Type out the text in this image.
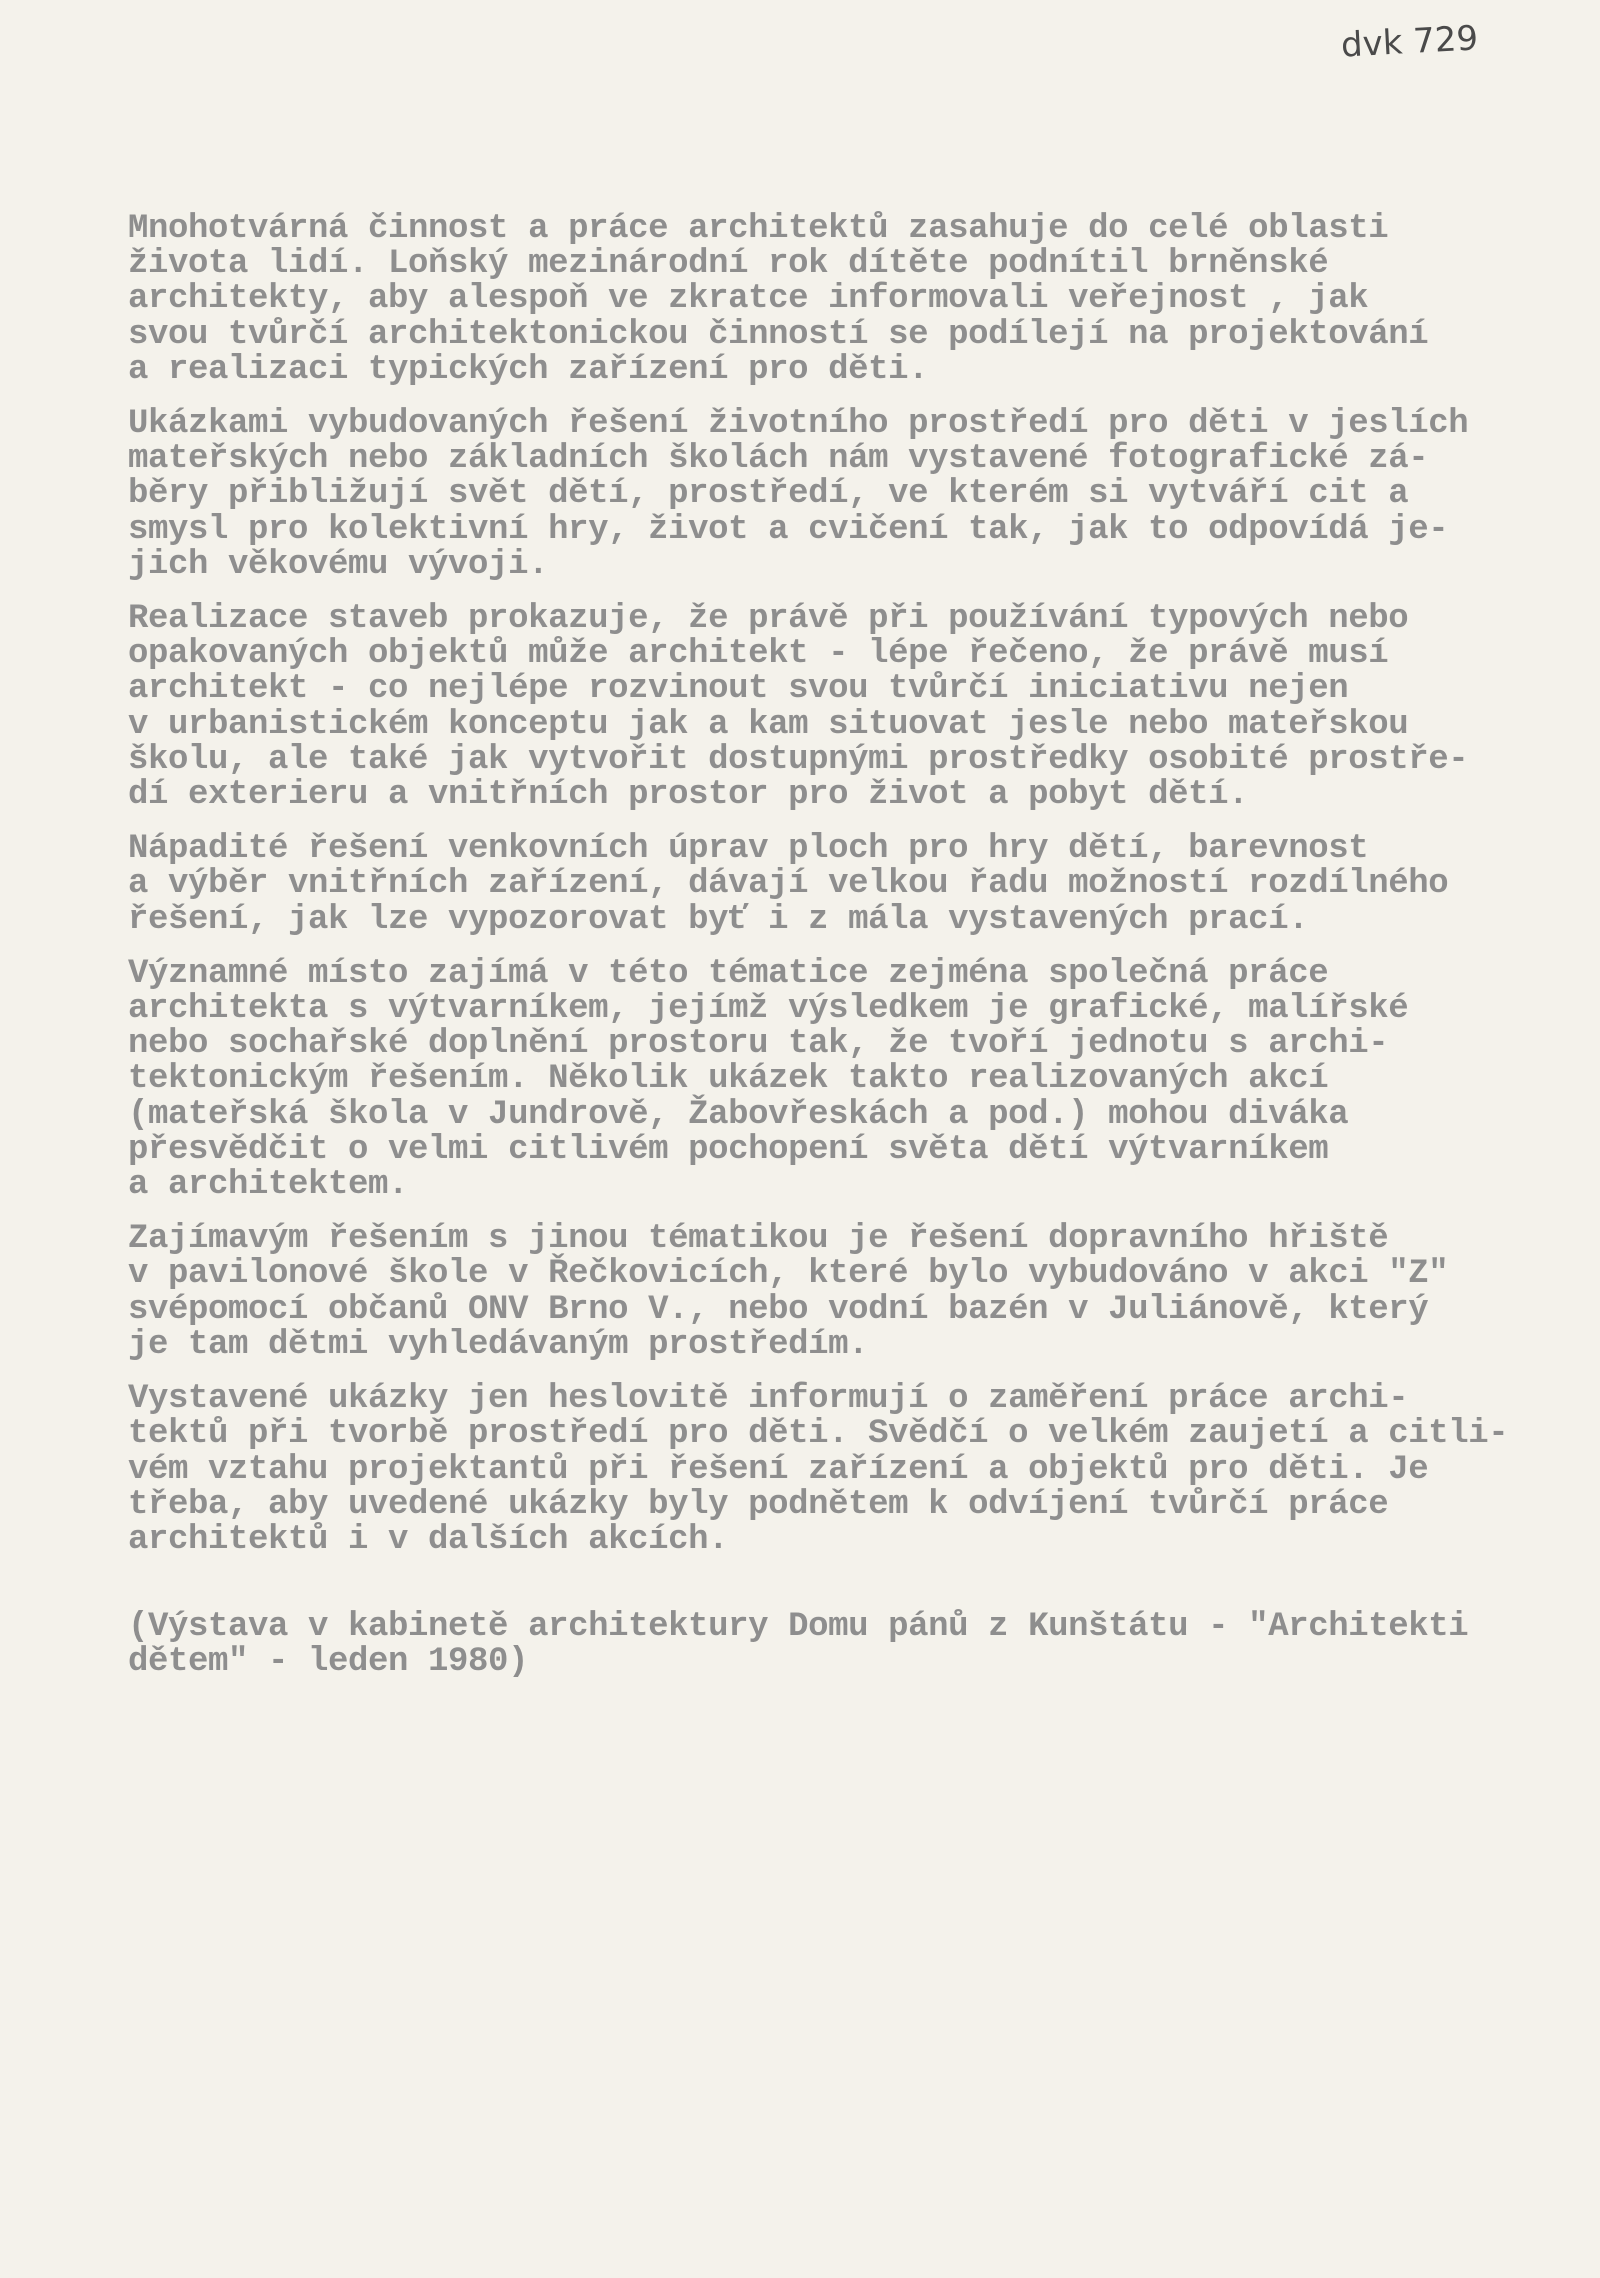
dvk 729

Mnohotvárná činnost a práce architektů zasahuje do celé oblasti
života lidí. Loňský mezinárodní rok dítěte podnítil brněnské
architekty, aby alespoň ve zkratce informovali veřejnost , jak
svou tvůrčí architektonickou činností se podílejí na projektování
a realizaci typických zařízení pro děti.

Ukázkami vybudovaných řešení životního prostředí pro děti v jeslích
mateřských nebo základních školách nám vystavené fotografické zá-
běry přibližují svět dětí, prostředí, ve kterém si vytváří cit a
smysl pro kolektivní hry, život a cvičení tak, jak to odpovídá je-
jich věkovému vývoji.

Realizace staveb prokazuje, že právě při používání typových nebo
opakovaných objektů může architekt - lépe řečeno, že právě musí
architekt - co nejlépe rozvinout svou tvůrčí iniciativu nejen
v urbanistickém konceptu jak a kam situovat jesle nebo mateřskou
školu, ale také jak vytvořit dostupnými prostředky osobité prostře-
dí exterieru a vnitřních prostor pro život a pobyt dětí.

Nápadité řešení venkovních úprav ploch pro hry dětí, barevnost
a výběr vnitřních zařízení, dávají velkou řadu možností rozdílného
řešení, jak lze vypozorovat byť i z mála vystavených prací.

Významné místo zajímá v této tématice zejména společná práce
architekta s výtvarníkem, jejímž výsledkem je grafické, malířské
nebo sochařské doplnění prostoru tak, že tvoří jednotu s archi-
tektonickým řešením. Několik ukázek takto realizovaných akcí
(mateřská škola v Jundrově, Žabovřeskách a pod.) mohou diváka
přesvědčit o velmi citlivém pochopení světa dětí výtvarníkem
a architektem.

Zajímavým řešením s jinou tématikou je řešení dopravního hřiště
v pavilonové škole v Řečkovicích, které bylo vybudováno v akci "Z"
svépomocí občanů ONV Brno V., nebo vodní bazén v Juliánově, který
je tam dětmi vyhledávaným prostředím.

Vystavené ukázky jen heslovitě informují o zaměření práce archi-
tektů při tvorbě prostředí pro děti. Svědčí o velkém zaujetí a citli-
vém vztahu projektantů při řešení zařízení a objektů pro děti. Je
třeba, aby uvedené ukázky byly podnětem k odvíjení tvůrčí práce
architektů i v dalších akcích.

(Výstava v kabinetě architektury Domu pánů z Kunštátu - "Architekti
dětem" - leden 1980)
